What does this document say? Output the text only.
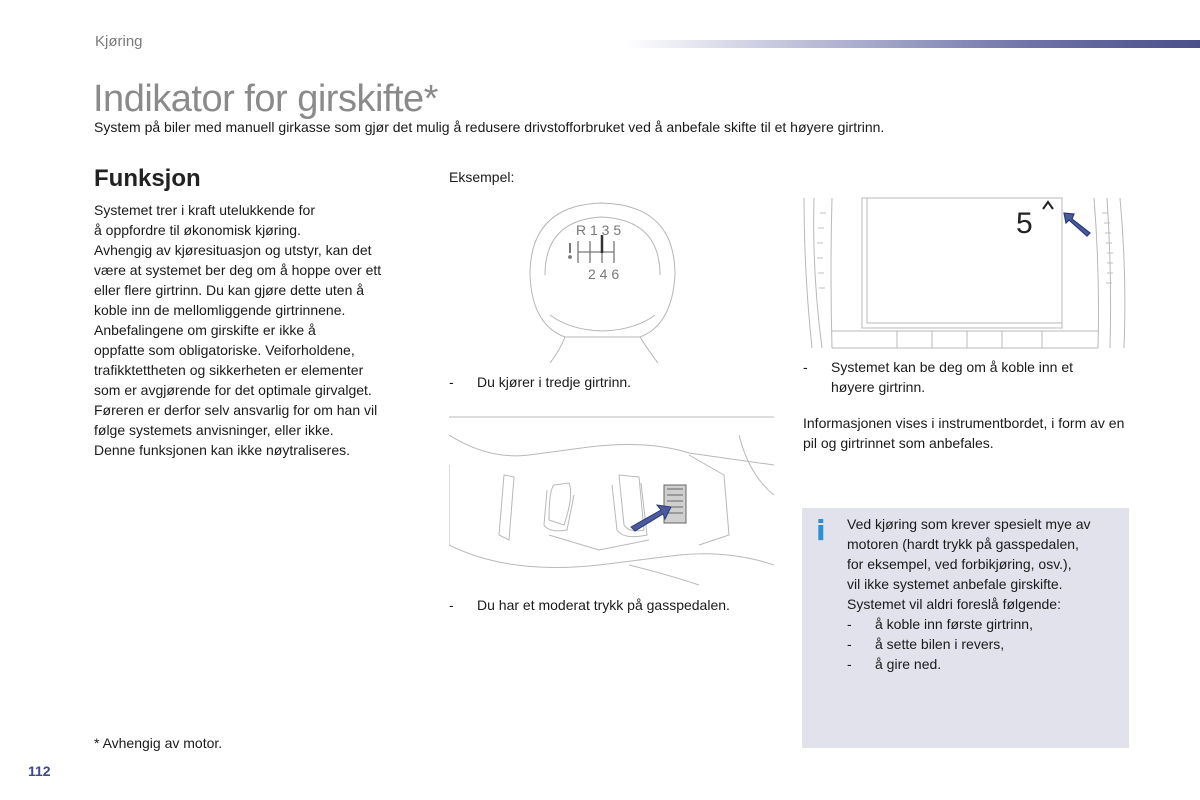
Kjøring
Indikator for girskifte*
System på biler med manuell girkasse som gjør det mulig å redusere drivstofforbruket ved å anbefale skifte til et høyere girtrinn.
Funksjon

Systemet trer i kraft utelukkende for

å oppfordre til økonomisk kjøring.

Avhengig av kjøresituasjon og utstyr, kan det

være at systemet ber deg om å hoppe over ett

eller flere girtrinn. Du kan gjøre dette uten å

koble inn de mellomliggende girtrinnene.

Anbefalingene om girskifte er ikke å

oppfatte som obligatoriske. Veiforholdene,

trafikktettheten og sikkerheten er elementer

som er avgjørende for det optimale girvalget.

Føreren er derfor selv ansvarlig for om han vil

følge systemets anvisninger, eller ikke.

Denne funksjonen kan ikke nøytraliseres.

Eksempel:
R 1 3 5
2 4 6
- Du kjører i tredje girtrinn.
- Du har et moderat trykk på gasspedalen.
5
- Systemet kan be deg om å koble inn et
høyere girtrinn.
Informasjonen vises i instrumentbordet, i form av en pil og girtrinnet som anbefales.
i	Ved kjøring som krever spesielt mye av

motoren (hardt trykk på gasspedalen,

for eksempel, ved forbikjøring, osv.),

vil ikke systemet anbefale girskifte.

Systemet vil aldri foreslå følgende:

- å koble inn første girtrinn,
- å sette bilen i revers,
- å gire ned.
* Avhengig av motor.
112
